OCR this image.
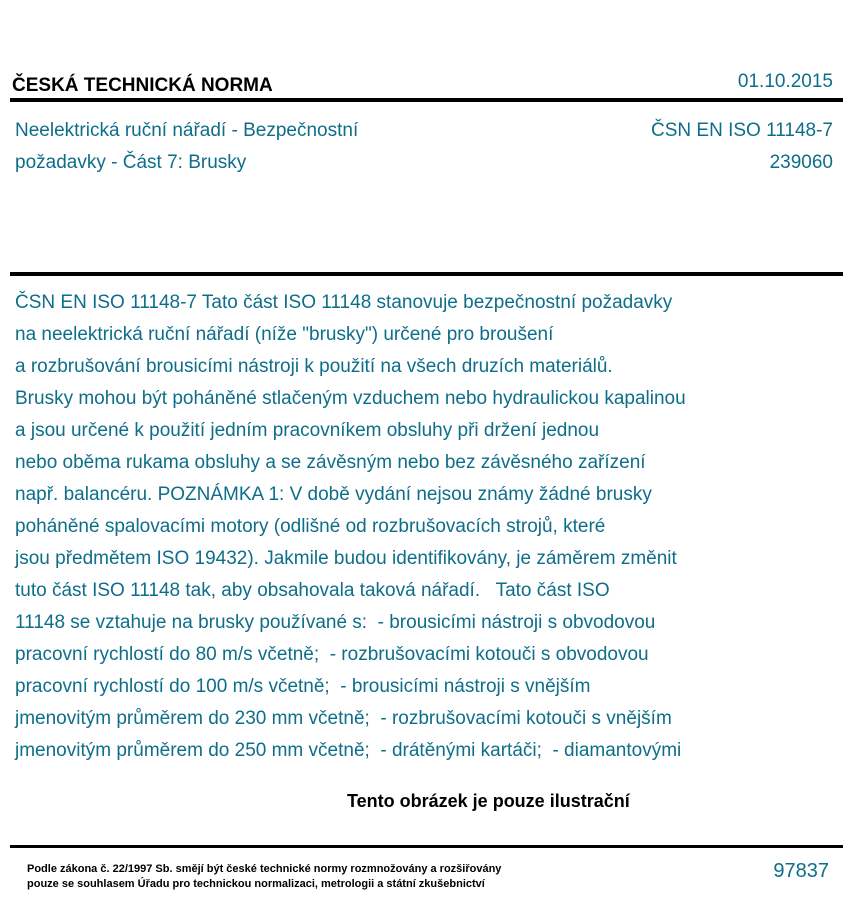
ČESKÁ TECHNICKÁ NORMA	01.10.2015
Neelektrická ruční nářadí - Bezpečnostní
požadavky - Část 7: Brusky
ČSN EN ISO 11148-7
239060
ČSN EN ISO 11148-7 Tato část ISO 11148 stanovuje bezpečnostní požadavky
na neelektrická ruční nářadí (níže "brusky") určené pro broušení
a rozbrušování brousicími nástroji k použití na všech druzích materiálů.
Brusky mohou být poháněné stlačeným vzduchem nebo hydraulickou kapalinou
a jsou určené k použití jedním pracovníkem obsluhy při držení jednou
nebo oběma rukama obsluhy a se závěsným nebo bez závěsného zařízení
např. balancéru. POZNÁMKA 1: V době vydání nejsou známy žádné brusky
poháněné spalovacími motory (odlišné od rozbrušovacích strojů, které
jsou předmětem ISO 19432). Jakmile budou identifikovány, je záměrem změnit
tuto část ISO 11148 tak, aby obsahovala taková nářadí.   Tato část ISO
11148 se vztahuje na brusky používané s:  - brousicími nástroji s obvodovou
pracovní rychlostí do 80 m/s včetně;  - rozbrušovacími kotouči s obvodovou
pracovní rychlostí do 100 m/s včetně;  - brousicími nástroji s vnějším
jmenovitým průměrem do 230 mm včetně;  - rozbrušovacími kotouči s vnějším
jmenovitým průměrem do 250 mm včetně;  - drátěnými kartáči;  - diamantovými
Tento obrázek je pouze ilustrační
Podle zákona č. 22/1997 Sb. smějí být české technické normy rozmnožovány a rozšiřovány
pouze se souhlasem Úřadu pro technickou normalizaci, metrologii a státní zkušebnictví
97837
